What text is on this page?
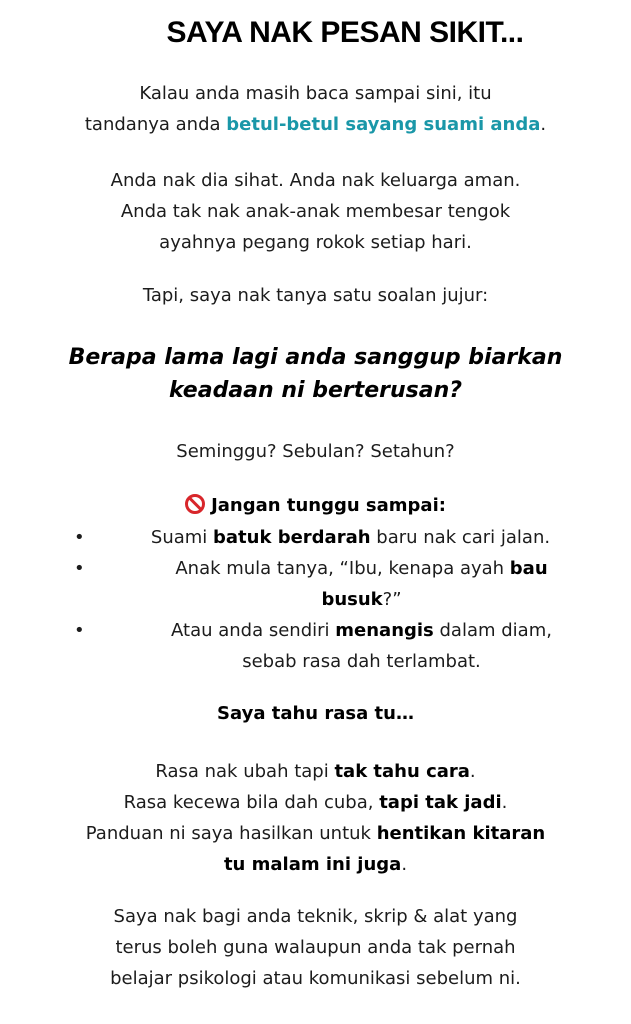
SAYA NAK PESAN SIKIT...
Kalau anda masih baca sampai sini, itu
tandanya anda betul-betul sayang suami anda.
Anda nak dia sihat. Anda nak keluarga aman.
Anda tak nak anak-anak membesar tengok
ayahnya pegang rokok setiap hari.
Tapi, saya nak tanya satu soalan jujur:
Berapa lama lagi anda sanggup biarkan
keadaan ni berterusan?
Seminggu? Sebulan? Setahun?
Jangan tunggu sampai:
•	Suami batuk berdarah baru nak cari jalan.
•	Anak mula tanya, “Ibu, kenapa ayah bau
busuk?”
•	Atau anda sendiri menangis dalam diam,
sebab rasa dah terlambat.
Saya tahu rasa tu…
Rasa nak ubah tapi tak tahu cara.
Rasa kecewa bila dah cuba, tapi tak jadi.
Panduan ni saya hasilkan untuk hentikan kitaran
tu malam ini juga.
Saya nak bagi anda teknik, skrip & alat yang
terus boleh guna walaupun anda tak pernah
belajar psikologi atau komunikasi sebelum ni.
